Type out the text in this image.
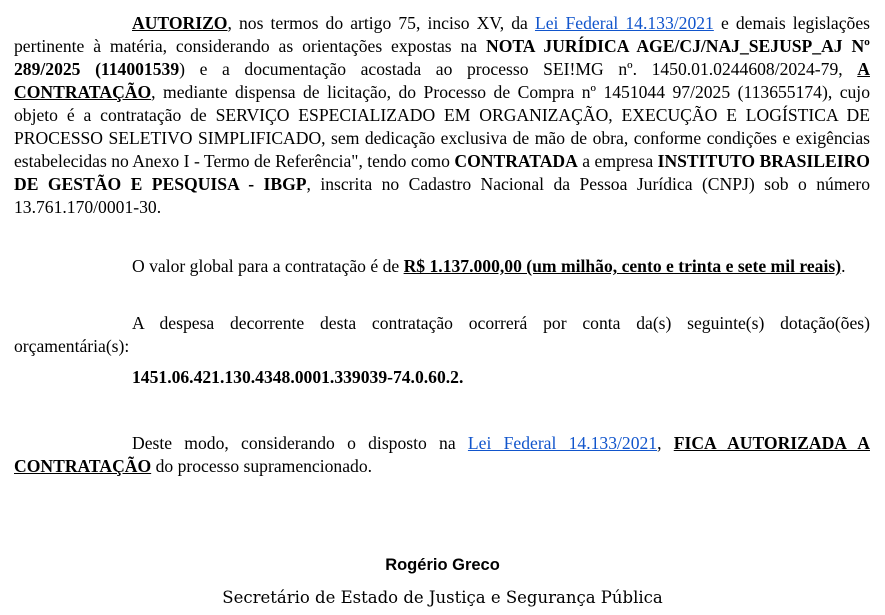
AUTORIZO, nos termos do artigo 75, inciso XV, da Lei Federal 14.133/2021 e demais legislações pertinente à matéria, considerando as orientações expostas na NOTA JURÍDICA AGE/CJ/NAJ_SEJUSP_AJ Nº 289/2025 (114001539) e a documentação acostada ao processo SEI!MG nº. 1450.01.0244608/2024-79, A CONTRATAÇÃO, mediante dispensa de licitação, do Processo de Compra nº 1451044 97/2025 (113655174), cujo objeto é a contratação de SERVIÇO ESPECIALIZADO EM ORGANIZAÇÃO, EXECUÇÃO E LOGÍSTICA DE PROCESSO SELETIVO SIMPLIFICADO, sem dedicação exclusiva de mão de obra, conforme condições e exigências estabelecidas no Anexo I - Termo de Referência", tendo como CONTRATADA a empresa INSTITUTO BRASILEIRO DE GESTÃO E PESQUISA - IBGP, inscrita no Cadastro Nacional da Pessoa Jurídica (CNPJ) sob o número 13.761.170/0001-30.

O valor global para a contratação é de R$ 1.137.000,00 (um milhão, cento e trinta e sete mil reais).

A despesa decorrente desta contratação ocorrerá por conta da(s) seguinte(s) dotação(ões) orçamentária(s):

1451.06.421.130.4348.0001.339039-74.0.60.2.

Deste modo, considerando o disposto na Lei Federal 14.133/2021, FICA AUTORIZADA A CONTRATAÇÃO do processo supramencionado.

Rogério Greco
Secretário de Estado de Justiça e Segurança Pública
